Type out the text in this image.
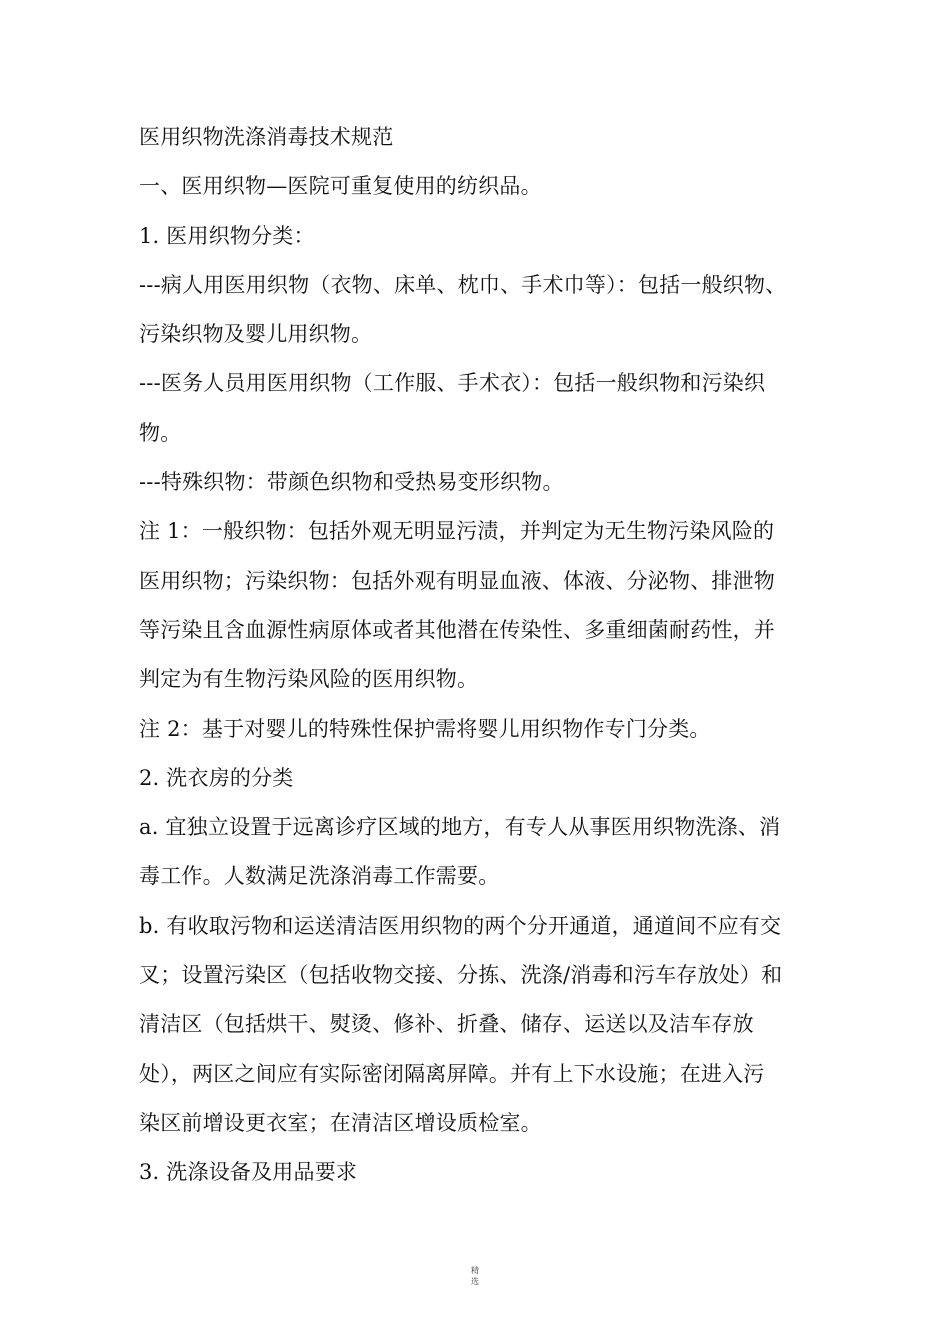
医用织物洗涤消毒技术规范
一、医用织物—医院可重复使用的纺织品。
1. 医用织物分类：
---病人用医用织物（衣物、床单、枕巾、手术巾等）：包括一般织物、
污染织物及婴儿用织物。
---医务人员用医用织物（工作服、手术衣）：包括一般织物和污染织
物。
---特殊织物：带颜色织物和受热易变形织物。
注 1：一般织物：包括外观无明显污渍，并判定为无生物污染风险的
医用织物；污染织物：包括外观有明显血液、体液、分泌物、排泄物
等污染且含血源性病原体或者其他潜在传染性、多重细菌耐药性，并
判定为有生物污染风险的医用织物。
注 2：基于对婴儿的特殊性保护需将婴儿用织物作专门分类。
2. 洗衣房的分类
a. 宜独立设置于远离诊疗区域的地方，有专人从事医用织物洗涤、消
毒工作。人数满足洗涤消毒工作需要。
b. 有收取污物和运送清洁医用织物的两个分开通道，通道间不应有交
叉；设置污染区（包括收物交接、分拣、洗涤/消毒和污车存放处）和
清洁区（包括烘干、熨烫、修补、折叠、储存、运送以及洁车存放
处），两区之间应有实际密闭隔离屏障。并有上下水设施；在进入污
染区前增设更衣室；在清洁区增设质检室。
3. 洗涤设备及用品要求
精
选
